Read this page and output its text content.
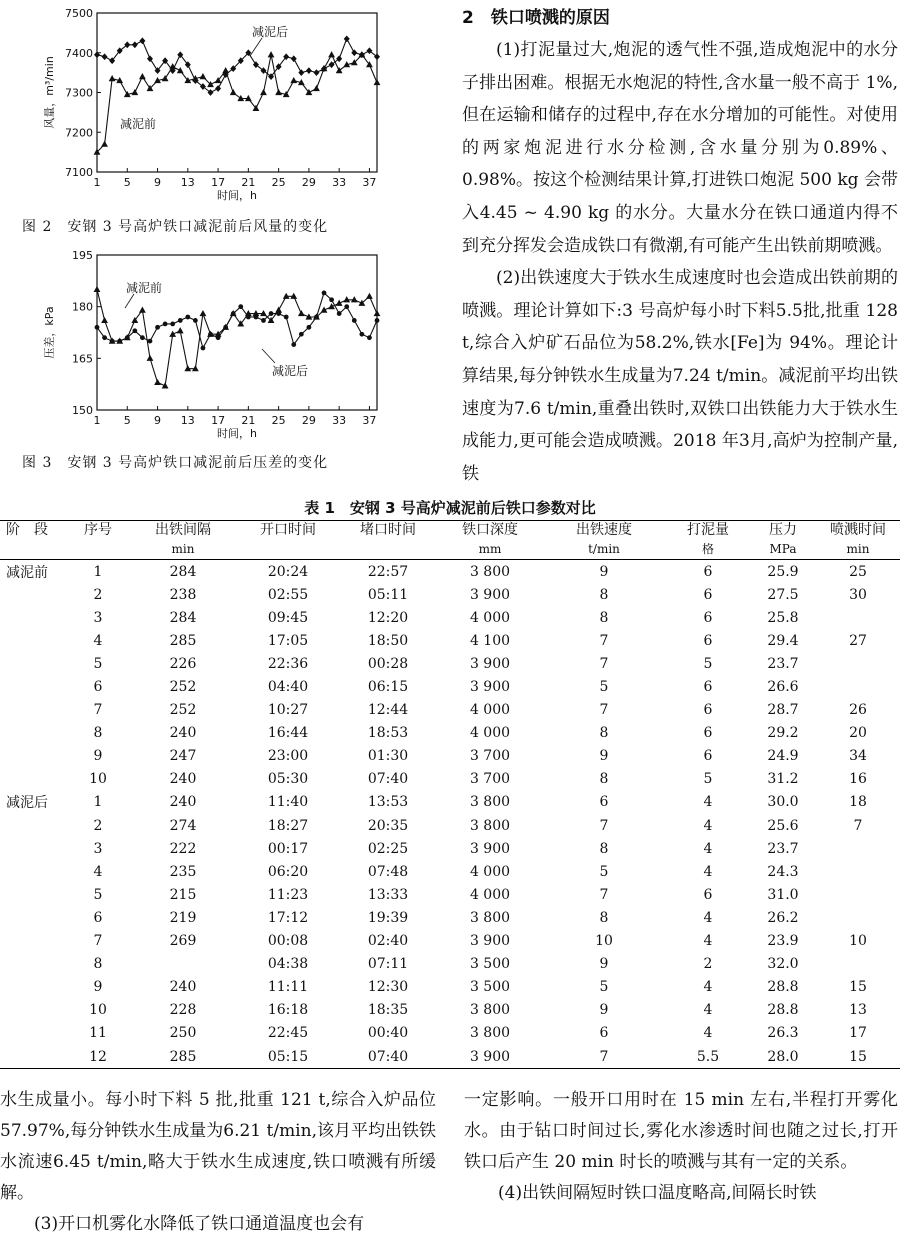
1 5 9 13 17 21 25 29 33 37
7100
7200
7300
7400
7500
时间，h
风量，m³/min	减泥前
减泥后
图 2　安钢 3 号高炉铁口减泥前后风量的变化
1 5 9 13 17 21 25 29 33 37
150
165
180
195
时间，h
压差，kPa
减泥前
减泥后
图 3　安钢 3 号高炉铁口减泥前后压差的变化
2　铁口喷溅的原因

(1)打泥量过大,炮泥的透气性不强,造成炮泥中的水分子排出困难。根据无水炮泥的特性,含水量一般不高于 1%,但在运输和储存的过程中,存在水分增加的可能性。对使用的两家炮泥进行水分检测,含水量分别为0.89%、0.98%。按这个检测结果计算,打进铁口炮泥 500 kg 会带入4.45 ~ 4.90 kg 的水分。大量水分在铁口通道内得不到充分挥发会造成铁口有微潮,有可能产生出铁前期喷溅。

(2)出铁速度大于铁水生成速度时也会造成出铁前期的喷溅。理论计算如下:3 号高炉每小时下料5.5批,批重 128 t,综合入炉矿石品位为58.2%,铁水[Fe]为 94%。理论计算结果,每分钟铁水生成量为7.24 t/min。减泥前平均出铁速度为7.6 t/min,重叠出铁时,双铁口出铁能力大于铁水生成能力,更可能会造成喷溅。2018 年3月,高炉为控制产量,铁

表 1　安钢 3 号高炉减泥前后铁口参数对比
阶　段	序号	出铁间隔	开口时间	堵口时间	铁口深度	出铁速度	打泥量	压力	喷溅时间
		min			mm	t/min	格	MPa	min
减泥前	1	284	20:24	22:57	3 800	9	6	25.9	25
	2	238	02:55	05:11	3 900	8	6	27.5	30
	3	284	09:45	12:20	4 000	8	6	25.8	
	4	285	17:05	18:50	4 100	7	6	29.4	27
	5	226	22:36	00:28	3 900	7	5	23.7	
	6	252	04:40	06:15	3 900	5	6	26.6	
	7	252	10:27	12:44	4 000	7	6	28.7	26
	8	240	16:44	18:53	4 000	8	6	29.2	20
	9	247	23:00	01:30	3 700	9	6	24.9	34
	10	240	05:30	07:40	3 700	8	5	31.2	16
减泥后	1	240	11:40	13:53	3 800	6	4	30.0	18
	2	274	18:27	20:35	3 800	7	4	25.6	7
	3	222	00:17	02:25	3 900	8	4	23.7	
	4	235	06:20	07:48	4 000	5	4	24.3	
	5	215	11:23	13:33	4 000	7	6	31.0	
	6	219	17:12	19:39	3 800	8	4	26.2	
	7	269	00:08	02:40	3 900	10	4	23.9	10
	8		04:38	07:11	3 500	9	2	32.0	
	9	240	11:11	12:30	3 500	5	4	28.8	15
	10	228	16:18	18:35	3 800	9	4	28.8	13
	11	250	22:45	00:40	3 800	6	4	26.3	17
	12	285	05:15	07:40	3 900	7	5.5	28.0	15
水生成量小。每小时下料 5 批,批重 121 t,综合入炉品位57.97%,每分钟铁水生成量为6.21 t/min,该月平均出铁铁水流速6.45 t/min,略大于铁水生成速度,铁口喷溅有所缓解。
(3)开口机雾化水降低了铁口通道温度也会有
一定影响。一般开口用时在 15 min 左右,半程打开雾化水。由于钻口时间过长,雾化水渗透时间也随之过长,打开铁口后产生 20 min 时长的喷溅与其有一定的关系。
(4)出铁间隔短时铁口温度略高,间隔长时铁
